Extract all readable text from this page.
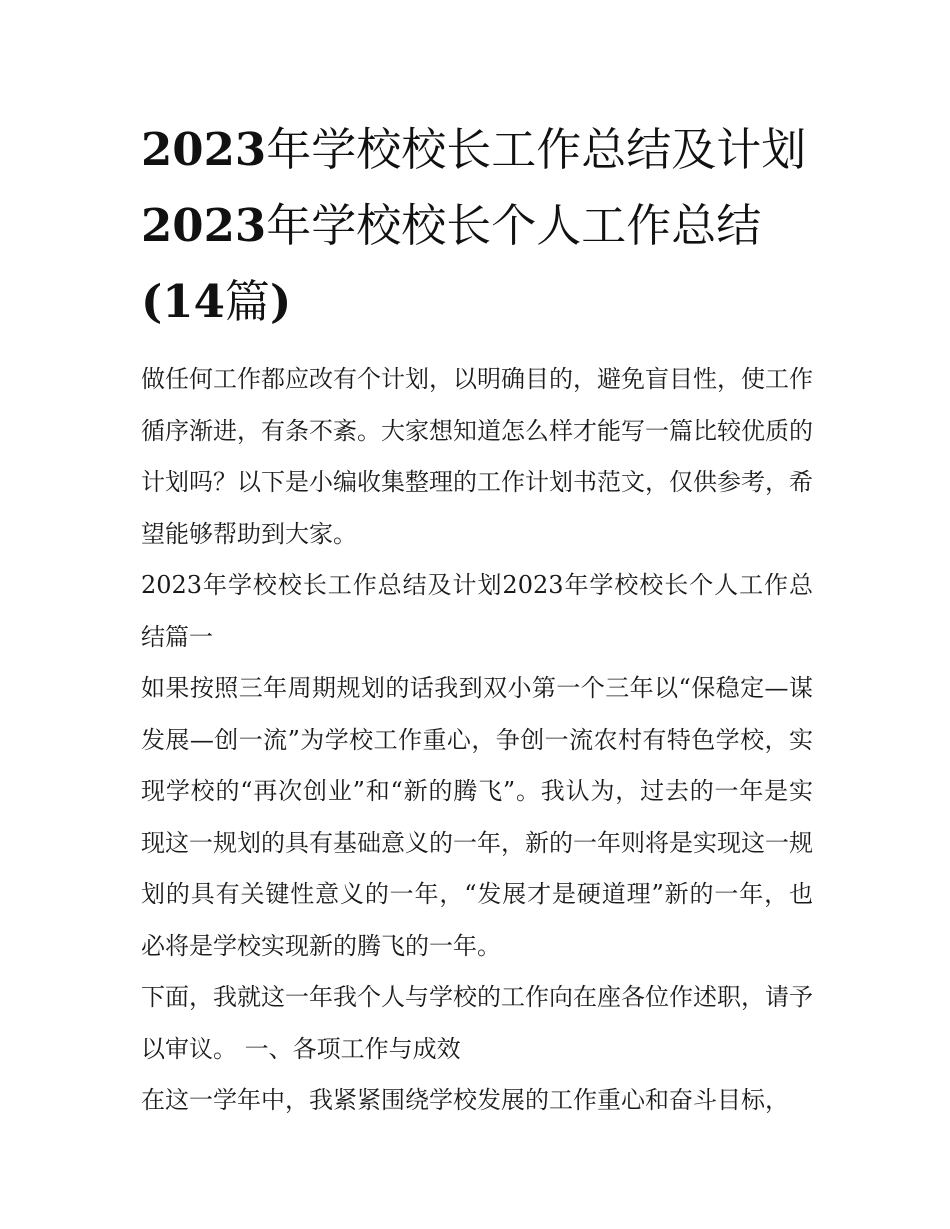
2023年学校校长工作总结及计划2023年学校校长个人工作总结(14篇)

做任何工作都应改有个计划，以明确目的，避免盲目性，使工作循序渐进，有条不紊。大家想知道怎么样才能写一篇比较优质的计划吗？以下是小编收集整理的工作计划书范文，仅供参考，希望能够帮助到大家。

2023年学校校长工作总结及计划2023年学校校长个人工作总结篇一

如果按照三年周期规划的话我到双小第一个三年以“保稳定—谋发展—创一流”为学校工作重心，争创一流农村有特色学校，实现学校的“再次创业”和“新的腾飞”。我认为，过去的一年是实现这一规划的具有基础意义的一年，新的一年则将是实现这一规划的具有关键性意义的一年，“发展才是硬道理”新的一年，也必将是学校实现新的腾飞的一年。

下面，我就这一年我个人与学校的工作向在座各位作述职，请予以审议。 一、各项工作与成效

在这一学年中，我紧紧围绕学校发展的工作重心和奋斗目标，
